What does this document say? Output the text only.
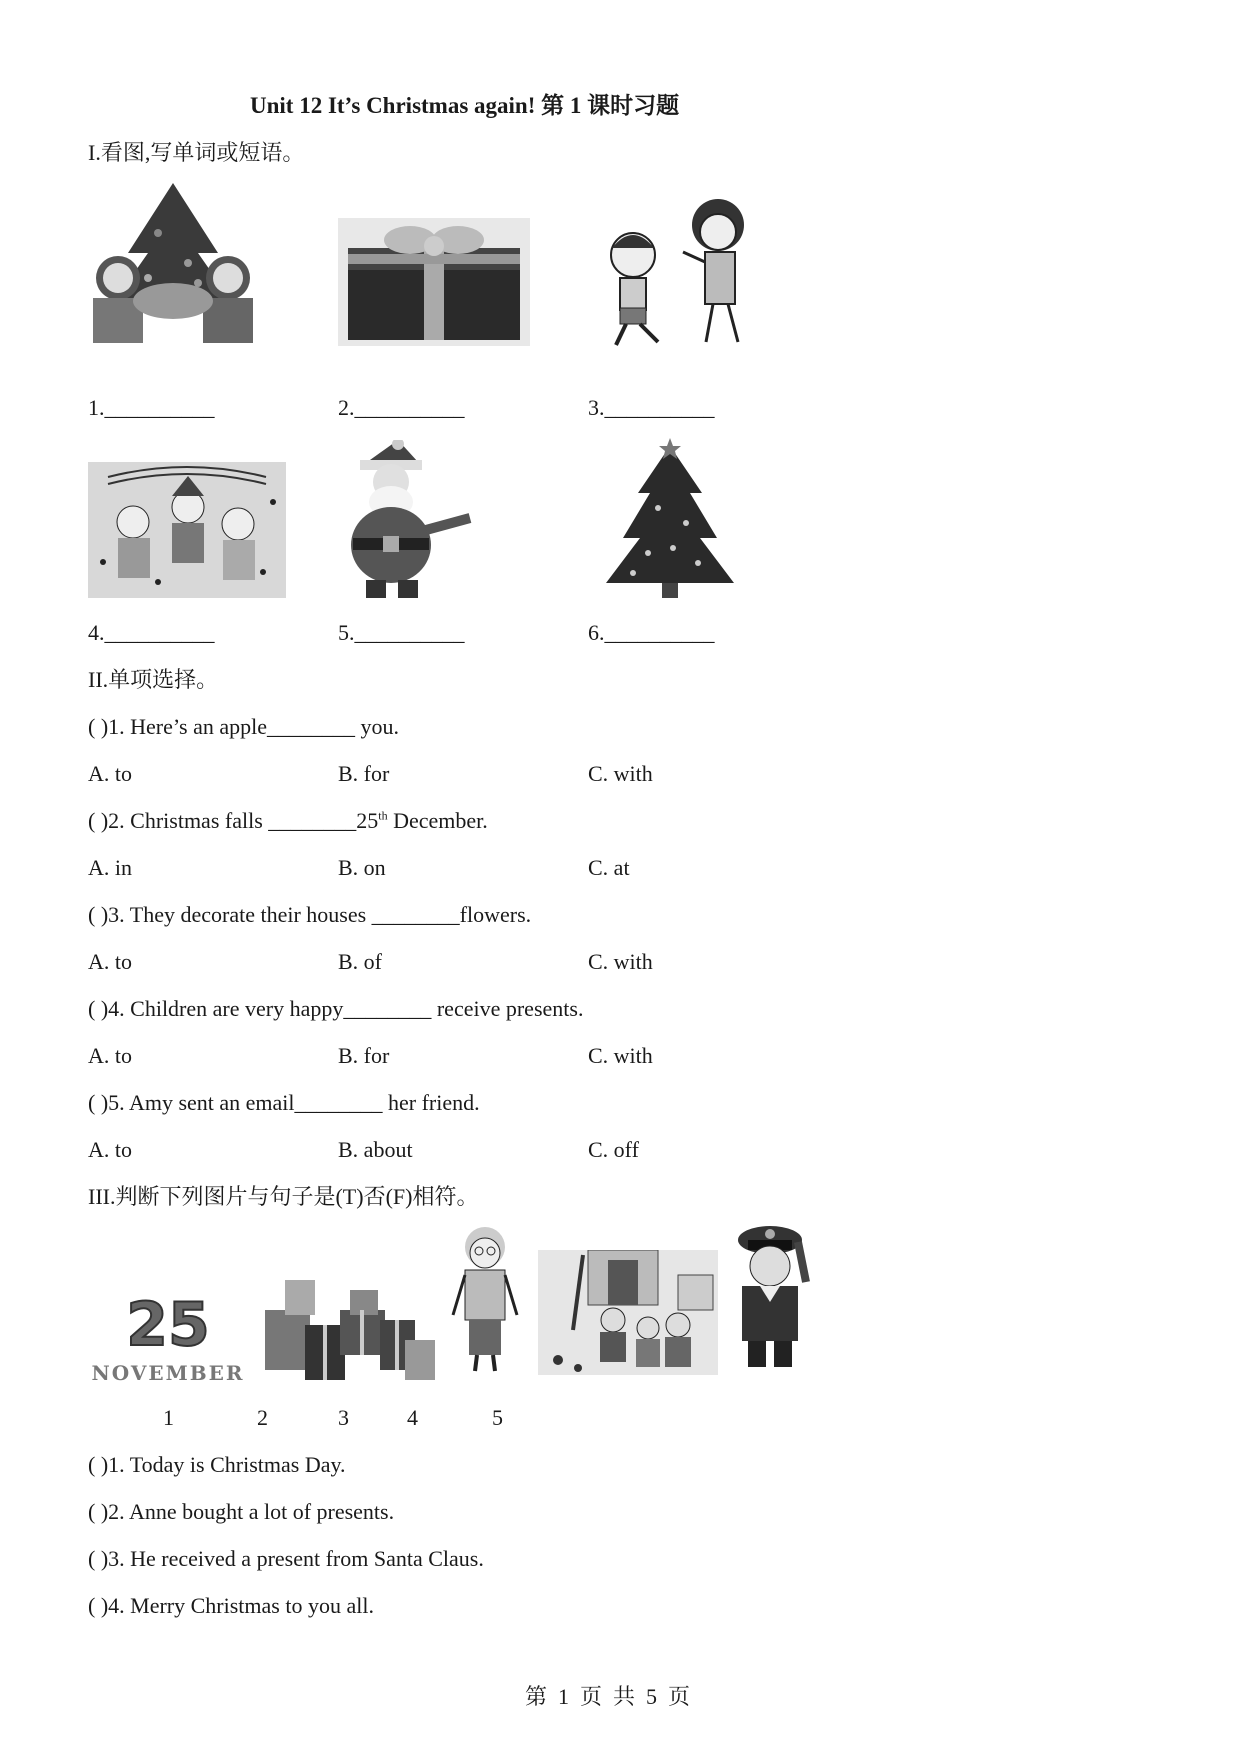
Unit 12 It’s Christmas again! 第 1 课时习题
I.看图,写单词或短语。
1.__________	2.__________	3.__________
4.__________	5.__________	6.__________
II.单项选择。
( )1. Here’s an apple________ you.
A. to	B. for	C. with
( )2. Christmas falls ________25th December.
A. in	B. on	C. at
( )3. They decorate their houses ________flowers.
A. to	B. of	C. with
( )4. Children are very happy________ receive presents.
A. to	B. for	C. with
( )5. Amy sent an email________ her friend.
A. to	B. about	C. off
III.判断下列图片与句子是(T)否(F)相符。
25
NOVEMBER
1	2	3	4	5
( )1. Today is Christmas Day.
( )2. Anne bought a lot of presents.
( )3. He received a present from Santa Claus.
( )4. Merry Christmas to you all.
第  1  页  共  5  页
